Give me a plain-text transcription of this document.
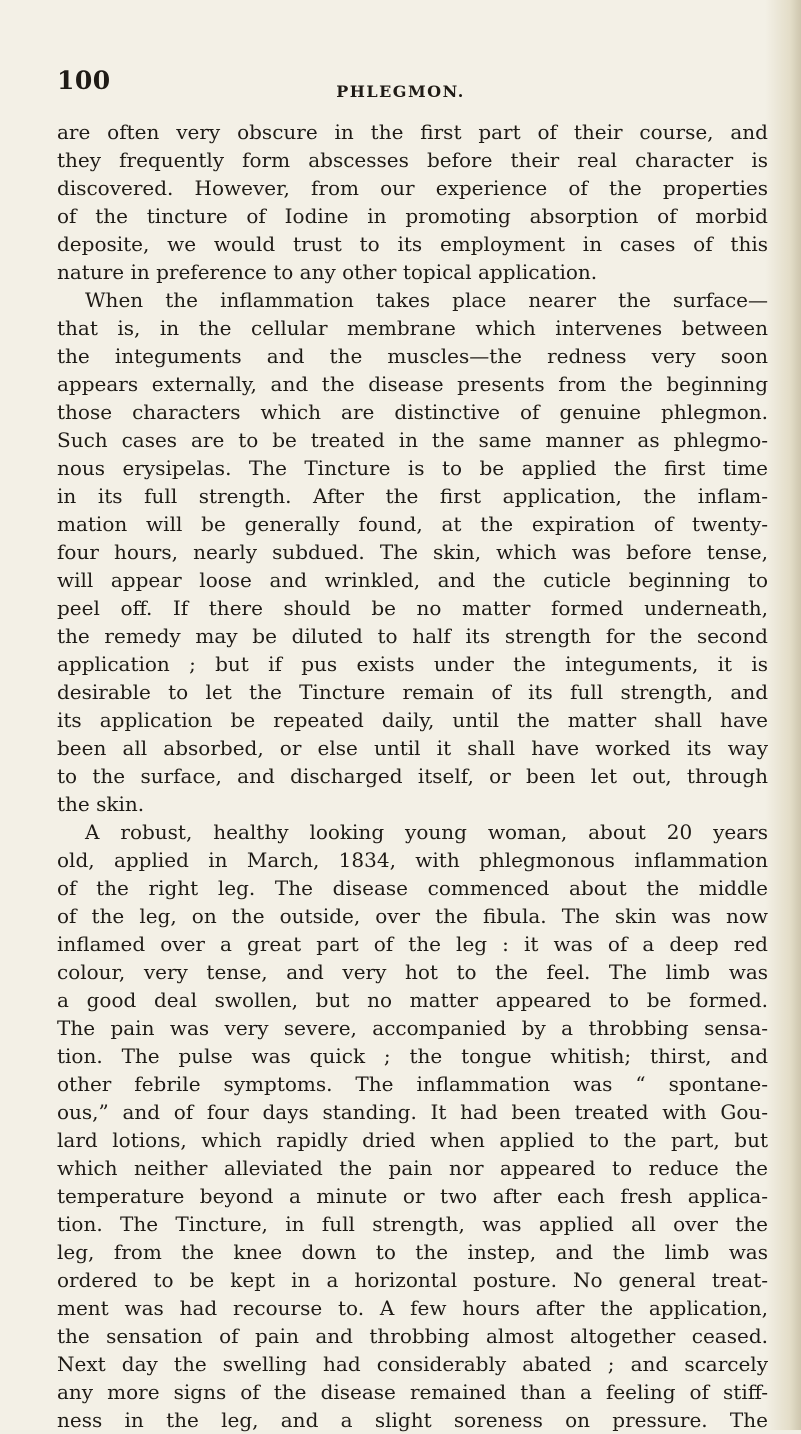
100	PHLEGMON.
are often very obscure in the first part of their course, and
they frequently form abscesses before their real character is
discovered. However, from our experience of the properties
of the tincture of Iodine in promoting absorption of morbid
deposite, we would trust to its employment in cases of this
nature in preference to any other topical application.
When the inflammation takes place nearer the surface—
that is, in the cellular membrane which intervenes between
the integuments and the muscles—the redness very soon
appears externally, and the disease presents from the beginning
those characters which are distinctive of genuine phlegmon.
Such cases are to be treated in the same manner as phlegmo-
nous erysipelas. The Tincture is to be applied the first time
in its full strength. After the first application, the inflam-
mation will be generally found, at the expiration of twenty-
four hours, nearly subdued. The skin, which was before tense,
will appear loose and wrinkled, and the cuticle beginning to
peel off. If there should be no matter formed underneath,
the remedy may be diluted to half its strength for the second
application ; but if pus exists under the integuments, it is
desirable to let the Tincture remain of its full strength, and
its application be repeated daily, until the matter shall have
been all absorbed, or else until it shall have worked its way
to the surface, and discharged itself, or been let out, through
the skin.
A robust, healthy looking young woman, about 20 years
old, applied in March, 1834, with phlegmonous inflammation
of the right leg. The disease commenced about the middle
of the leg, on the outside, over the fibula. The skin was now
inflamed over a great part of the leg : it was of a deep red
colour, very tense, and very hot to the feel. The limb was
a good deal swollen, but no matter appeared to be formed.
The pain was very severe, accompanied by a throbbing sensa-
tion. The pulse was quick ; the tongue whitish; thirst, and
other febrile symptoms. The inflammation was “ spontane-
ous,” and of four days standing. It had been treated with Gou-
lard lotions, which rapidly dried when applied to the part, but
which neither alleviated the pain nor appeared to reduce the
temperature beyond a minute or two after each fresh applica-
tion. The Tincture, in full strength, was applied all over the
leg, from the knee down to the instep, and the limb was
ordered to be kept in a horizontal posture. No general treat-
ment was had recourse to. A few hours after the application,
the sensation of pain and throbbing almost altogether ceased.
Next day the swelling had considerably abated ; and scarcely
any more signs of the disease remained than a feeling of stiff-
ness in the leg, and a slight soreness on pressure. The
